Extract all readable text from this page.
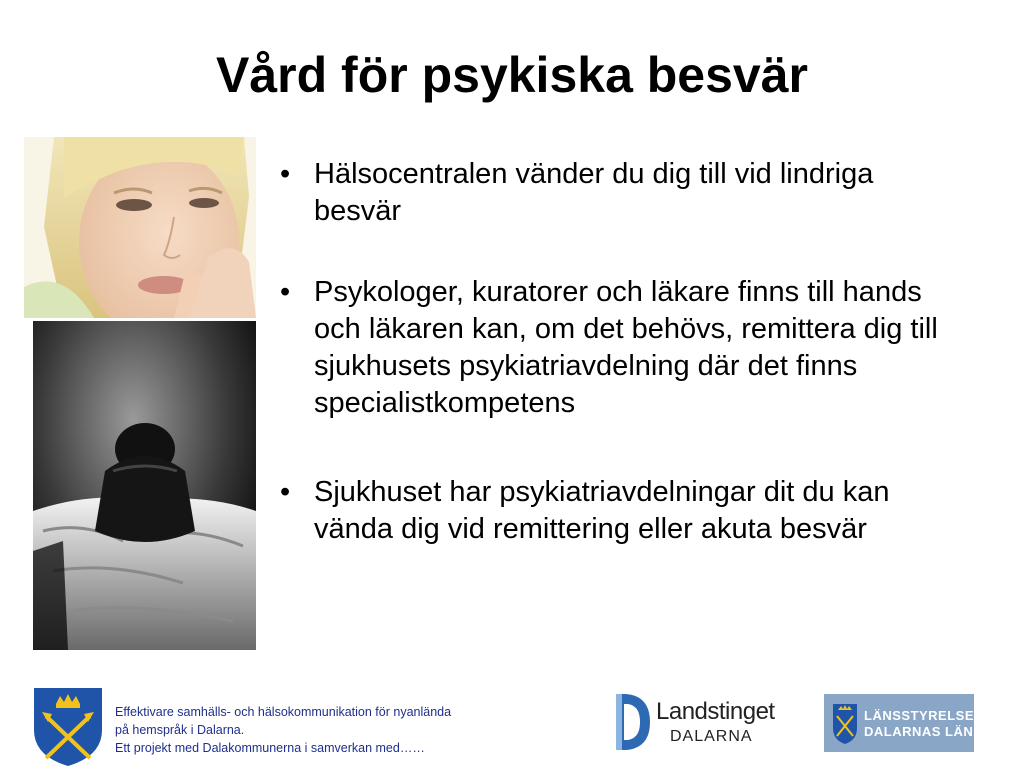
Vård för psykiska besvär
• Hälsocentralen vänder du dig till vid lindriga besvär
• Psykologer, kuratorer och läkare finns till hands och läkaren kan, om det behövs, remittera dig till sjukhusets psykiatriavdelning där det finns specialistkompetens
• Sjukhuset har psykiatriavdelningar dit du kan vända dig vid remittering eller akuta besvär
Effektivare samhälls- och hälsokommunikation för nyanlända
på hemspråk i Dalarna.
Ett projekt med Dalakommunerna i samverkan med……
Landstinget
DALARNA
LÄNSSTYRELSEN
DALARNAS LÄN
